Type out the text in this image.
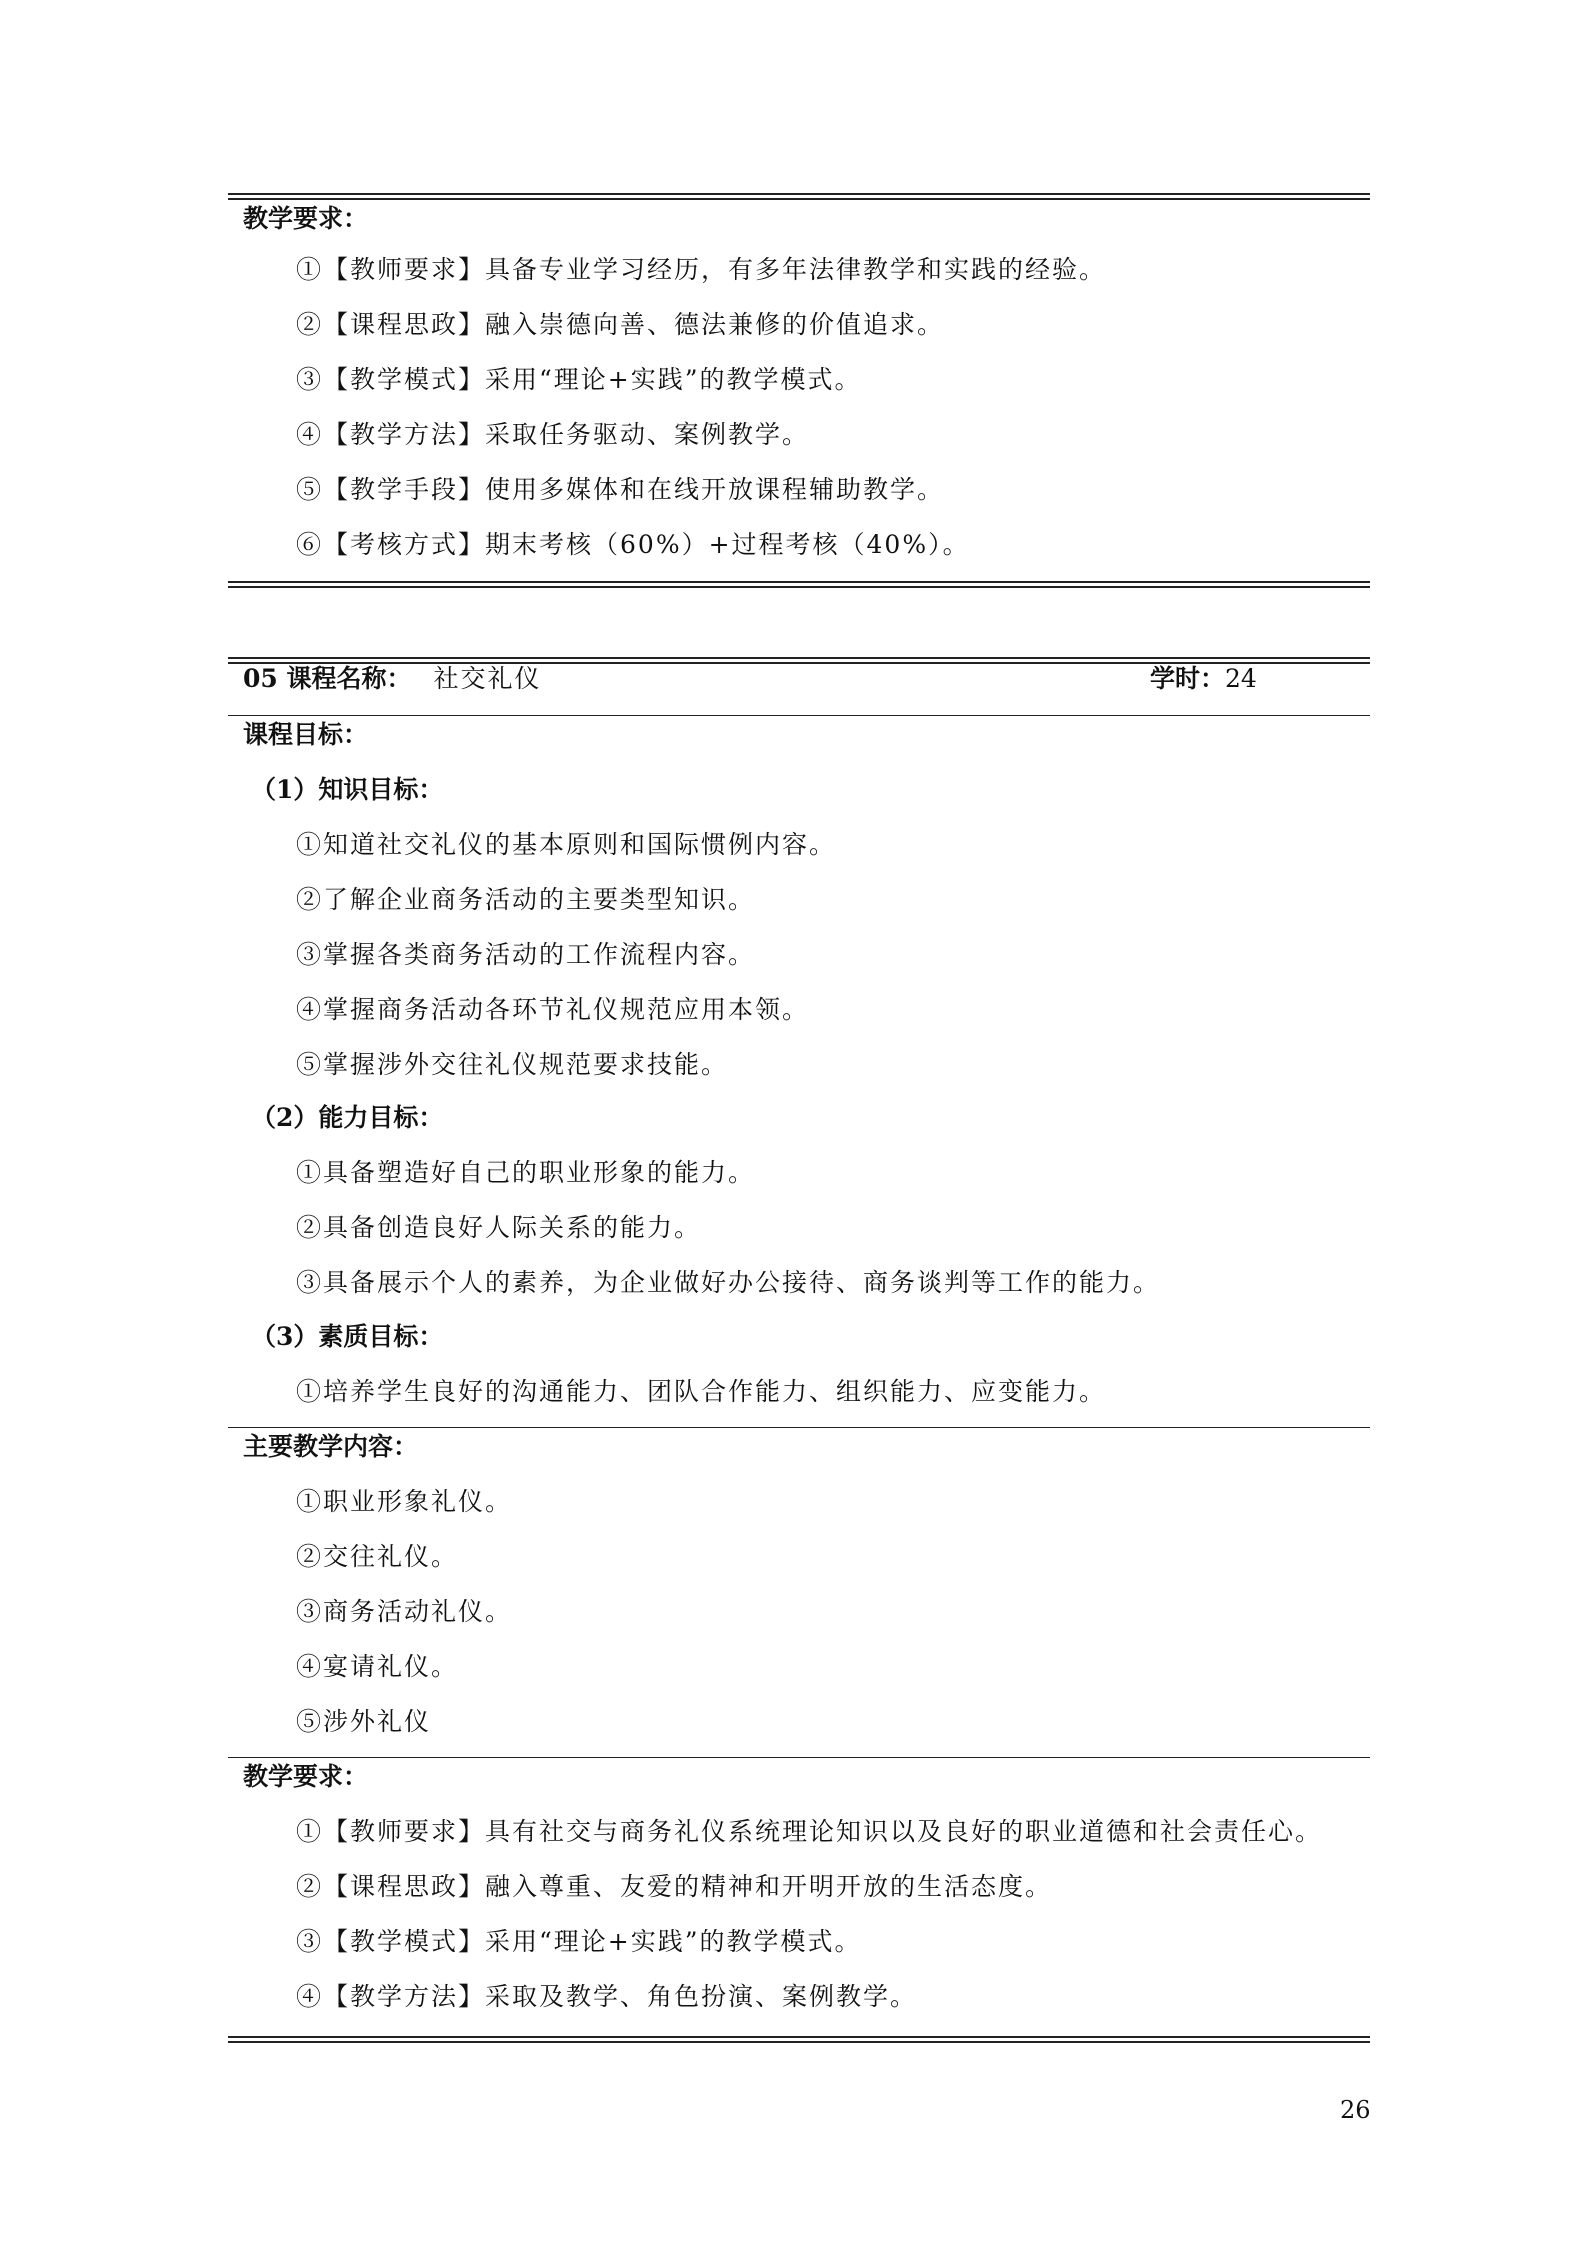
教学要求：
①【教师要求】具备专业学习经历，有多年法律教学和实践的经验。
②【课程思政】融入崇德向善、德法兼修的价值追求。
③【教学模式】采用“理论+实践”的教学模式。
④【教学方法】采取任务驱动、案例教学。
⑤【教学手段】使用多媒体和在线开放课程辅助教学。
⑥【考核方式】期末考核（60%）+过程考核（40%）。
05 课程名称： 社交礼仪	学时：24
课程目标：
（1）知识目标：
①知道社交礼仪的基本原则和国际惯例内容。
②了解企业商务活动的主要类型知识。
③掌握各类商务活动的工作流程内容。
④掌握商务活动各环节礼仪规范应用本领。
⑤掌握涉外交往礼仪规范要求技能。
（2）能力目标：
①具备塑造好自己的职业形象的能力。
②具备创造良好人际关系的能力。
③具备展示个人的素养，为企业做好办公接待、商务谈判等工作的能力。
（3）素质目标：
①培养学生良好的沟通能力、团队合作能力、组织能力、应变能力。
主要教学内容：
①职业形象礼仪。
②交往礼仪。
③商务活动礼仪。
④宴请礼仪。
⑤涉外礼仪
教学要求：
①【教师要求】具有社交与商务礼仪系统理论知识以及良好的职业道德和社会责任心。
②【课程思政】融入尊重、友爱的精神和开明开放的生活态度。
③【教学模式】采用“理论+实践”的教学模式。
④【教学方法】采取及教学、角色扮演、案例教学。
26
